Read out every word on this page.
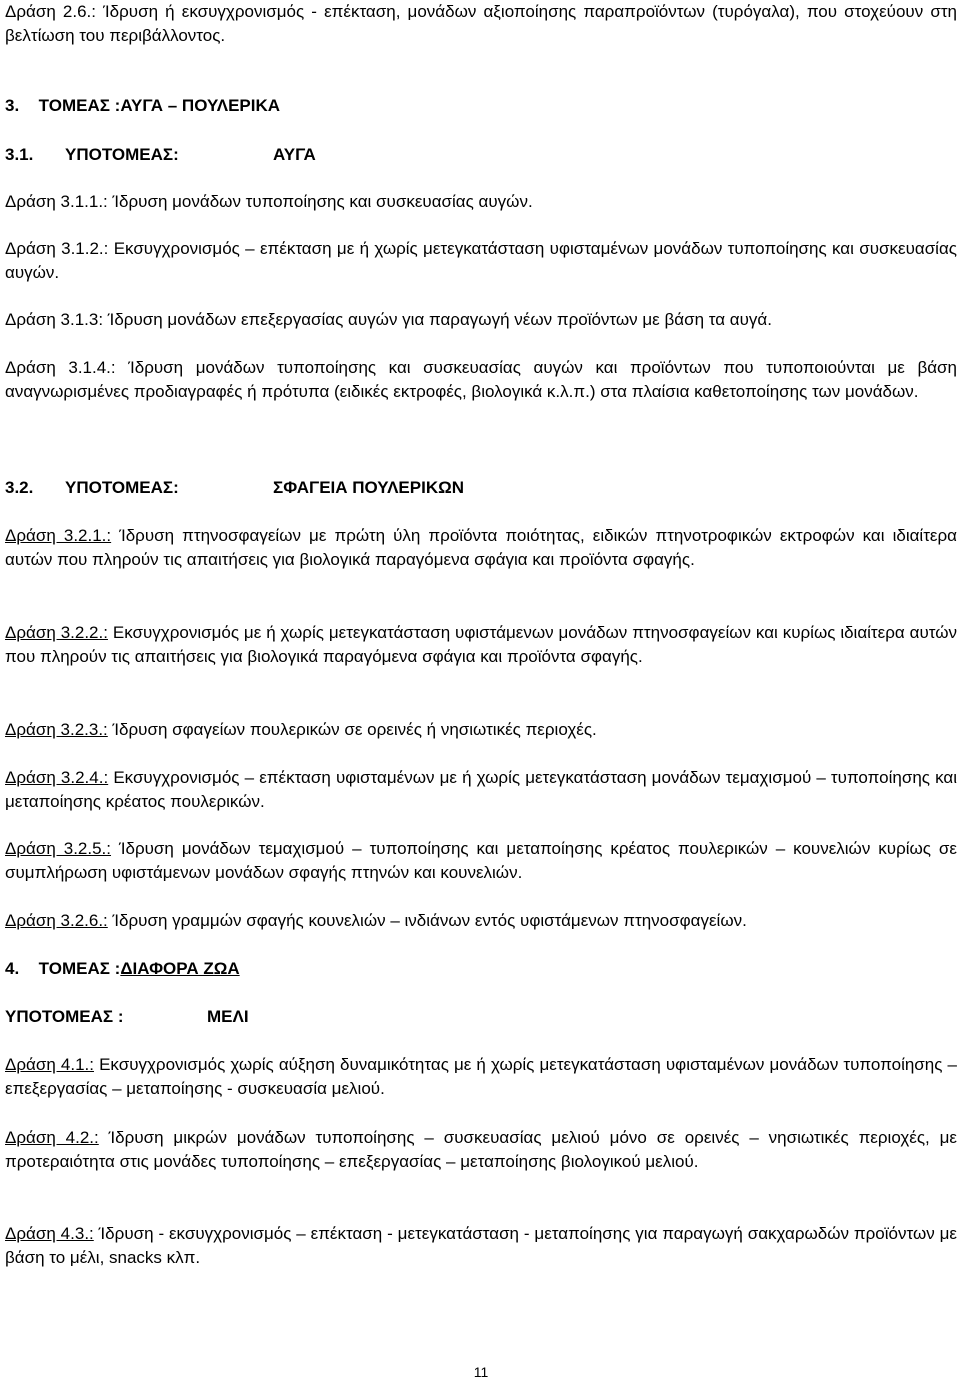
Δράση 2.6.: Ίδρυση ή εκσυγχρονισμός - επέκταση, μονάδων αξιοποίησης παραπροϊόντων (τυρόγαλα), που στοχεύουν στη βελτίωση του περιβάλλοντος.

3. ΤΟΜΕΑΣ :ΑΥΓΑ – ΠΟΥΛΕΡΙΚΑ
3.1. ΥΠΟΤΟΜΕΑΣ:	ΑΥΓΑ

Δράση 3.1.1.: Ίδρυση μονάδων τυποποίησης και συσκευασίας αυγών.

Δράση 3.1.2.: Εκσυγχρονισμός – επέκταση με ή χωρίς μετεγκατάσταση υφισταμένων μονάδων τυποποίησης και συσκευασίας αυγών.

Δράση 3.1.3: Ίδρυση μονάδων επεξεργασίας αυγών για παραγωγή νέων προϊόντων με βάση τα αυγά.

Δράση 3.1.4.: Ίδρυση μονάδων τυποποίησης και συσκευασίας αυγών και προϊόντων που τυποποιούνται με βάση αναγνωρισμένες προδιαγραφές ή πρότυπα (ειδικές εκτροφές, βιολογικά κ.λ.π.) στα πλαίσια καθετοποίησης των μονάδων.

3.2. ΥΠΟΤΟΜΕΑΣ:	ΣΦΑΓΕΙΑ ΠΟΥΛΕΡΙΚΩΝ

Δράση 3.2.1.: Ίδρυση πτηνοσφαγείων με πρώτη ύλη προϊόντα ποιότητας, ειδικών πτηνοτροφικών εκτροφών και ιδιαίτερα αυτών που πληρούν τις απαιτήσεις για βιολογικά παραγόμενα σφάγια και προϊόντα σφαγής.

Δράση 3.2.2.: Εκσυγχρονισμός με ή χωρίς μετεγκατάσταση υφιστάμενων μονάδων πτηνοσφαγείων και κυρίως ιδιαίτερα αυτών που πληρούν τις απαιτήσεις για βιολογικά παραγόμενα σφάγια και προϊόντα σφαγής.

Δράση 3.2.3.: Ίδρυση σφαγείων πουλερικών σε ορεινές ή νησιωτικές περιοχές.

Δράση 3.2.4.: Εκσυγχρονισμός – επέκταση υφισταμένων με ή χωρίς μετεγκατάσταση μονάδων τεμαχισμού – τυποποίησης και μεταποίησης κρέατος πουλερικών.

Δράση 3.2.5.: Ίδρυση μονάδων τεμαχισμού – τυποποίησης και μεταποίησης κρέατος πουλερικών – κουνελιών κυρίως σε συμπλήρωση υφιστάμενων μονάδων σφαγής πτηνών και κουνελιών.

Δράση 3.2.6.: Ίδρυση γραμμών σφαγής κουνελιών – ινδιάνων εντός υφιστάμενων πτηνοσφαγείων.

4. ΤΟΜΕΑΣ :ΔΙΑΦΟΡΑ ΖΩΑ
ΥΠΟΤΟΜΕΑΣ :	ΜΕΛΙ

Δράση 4.1.: Εκσυγχρονισμός χωρίς αύξηση δυναμικότητας με ή χωρίς μετεγκατάσταση υφισταμένων μονάδων τυποποίησης – επεξεργασίας – μεταποίησης - συσκευασία μελιού.

Δράση 4.2.: Ίδρυση μικρών μονάδων τυποποίησης – συσκευασίας μελιού μόνο σε ορεινές – νησιωτικές περιοχές, με προτεραιότητα στις μονάδες τυποποίησης – επεξεργασίας – μεταποίησης βιολογικού μελιού.

Δράση 4.3.: Ίδρυση - εκσυγχρονισμός – επέκταση - μετεγκατάσταση - μεταποίησης για παραγωγή σακχαρωδών προϊόντων με βάση το μέλι, snacks κλπ.

11
